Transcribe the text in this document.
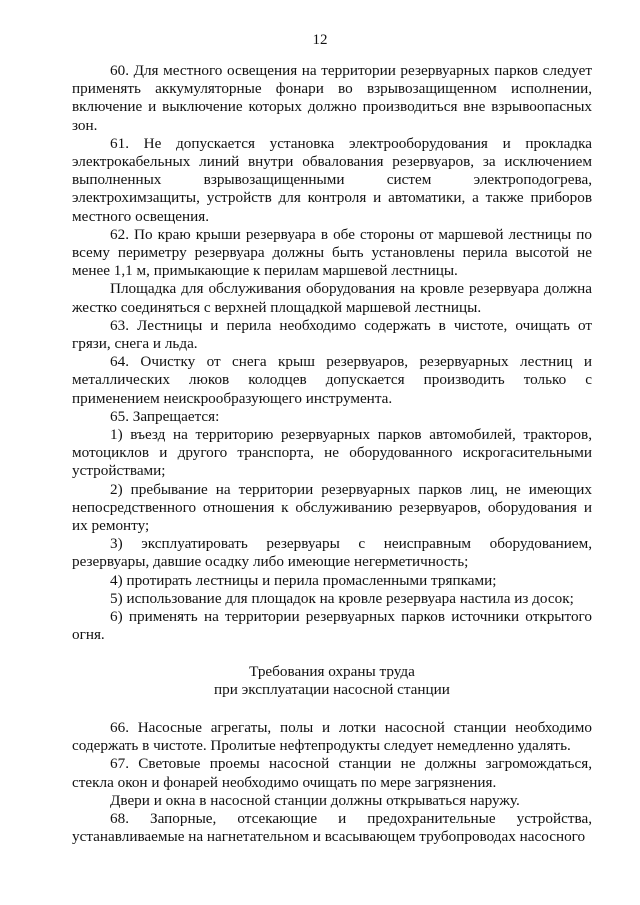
12

60. Для местного освещения на территории резервуарных парков следует применять аккумуляторные фонари во взрывозащищенном исполнении, включение и выключение которых должно производиться вне взрывоопасных зон.

61. Не допускается установка электрооборудования и прокладка электрокабельных линий внутри обвалования резервуаров, за исключением выполненных взрывозащищенными систем электроподогрева, электрохимзащиты, устройств для контроля и автоматики, а также приборов местного освещения.

62. По краю крыши резервуара в обе стороны от маршевой лестницы по всему периметру резервуара должны быть установлены перила высотой не менее 1,1 м, примыкающие к перилам маршевой лестницы.

Площадка для обслуживания оборудования на кровле резервуара должна жестко соединяться с верхней площадкой маршевой лестницы.

63. Лестницы и перила необходимо содержать в чистоте, очищать от грязи, снега и льда.

64. Очистку от снега крыш резервуаров, резервуарных лестниц и металлических люков колодцев допускается производить только с применением неискрообразующего инструмента.

65. Запрещается:

1) въезд на территорию резервуарных парков автомобилей, тракторов, мотоциклов и другого транспорта, не оборудованного искрогасительными устройствами;

2) пребывание на территории резервуарных парков лиц, не имеющих непосредственного отношения к обслуживанию резервуаров, оборудования и их ремонту;

3) эксплуатировать резервуары с неисправным оборудованием, резервуары, давшие осадку либо имеющие негерметичность;

4) протирать лестницы и перила промасленными тряпками;

5) использование для площадок на кровле резервуара настила из досок;

6) применять на территории резервуарных парков источники открытого огня.

Требования охраны труда
при эксплуатации насосной станции

66. Насосные агрегаты, полы и лотки насосной станции необходимо содержать в чистоте. Пролитые нефтепродукты следует немедленно удалять.

67. Световые проемы насосной станции не должны загромождаться, стекла окон и фонарей необходимо очищать по мере загрязнения.

Двери и окна в насосной станции должны открываться наружу.

68. Запорные, отсекающие и предохранительные устройства, устанавливаемые на нагнетательном и всасывающем трубопроводах насосного
